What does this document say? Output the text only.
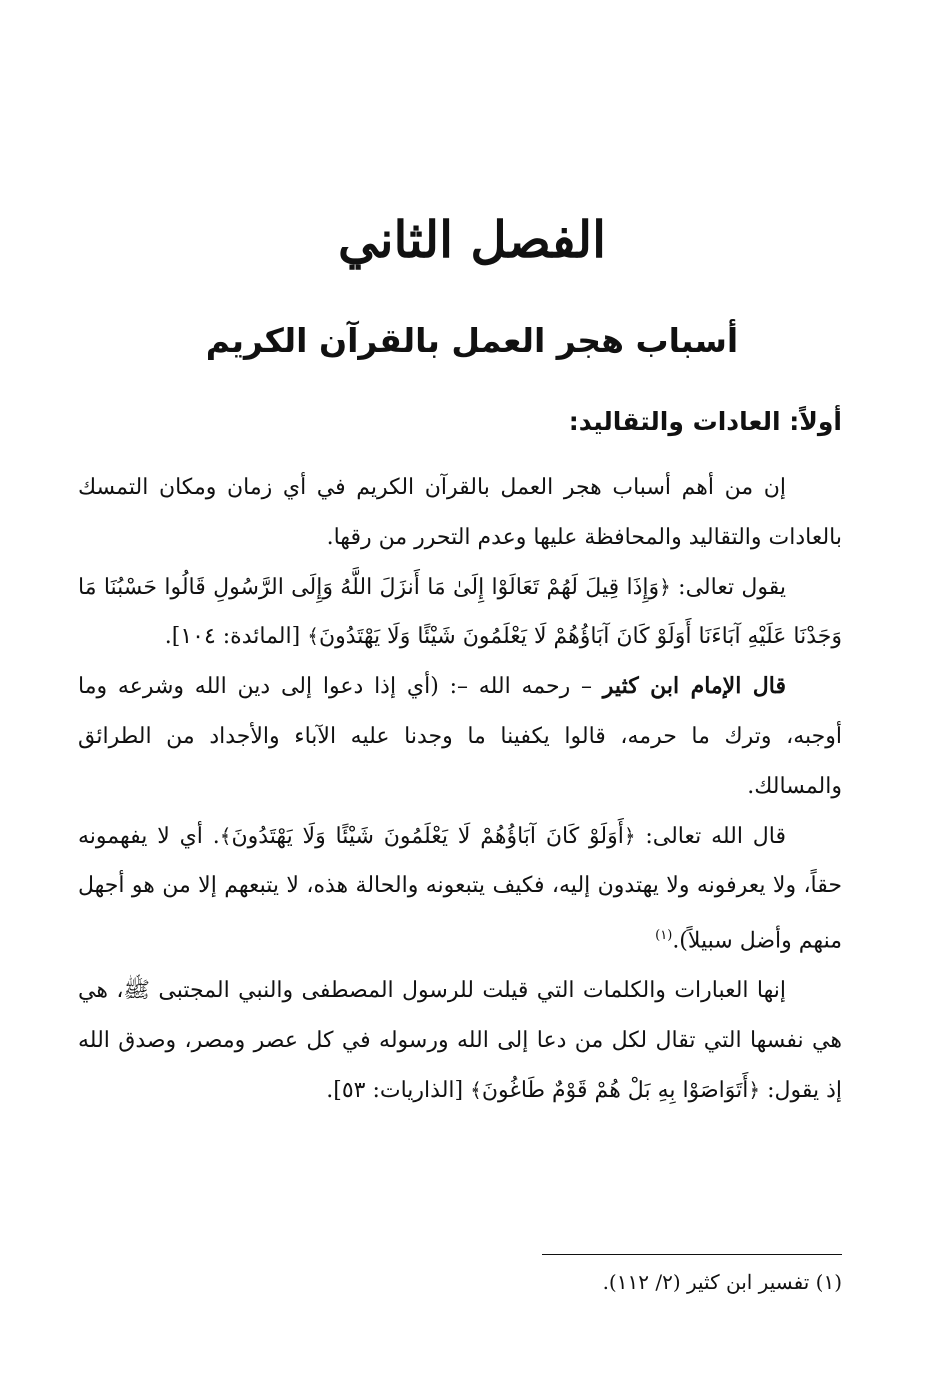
الفصل الثاني
أسباب هجر العمل بالقرآن الكريم
أولاً: العادات والتقاليد:

إن من أهم أسباب هجر العمل بالقرآن الكريم في أي زمان ومكان التمسك بالعادات والتقاليد والمحافظة عليها وعدم التحرر من رقها.

يقول تعالى: ﴿وَإِذَا قِيلَ لَهُمْ تَعَالَوْا إِلَىٰ مَا أَنزَلَ اللَّهُ وَإِلَى الرَّسُولِ قَالُوا حَسْبُنَا مَا وَجَدْنَا عَلَيْهِ آبَاءَنَا أَوَلَوْ كَانَ آبَاؤُهُمْ لَا يَعْلَمُونَ شَيْئًا وَلَا يَهْتَدُونَ﴾ [المائدة: ١٠٤].

قال الإمام ابن كثير – رحمه الله –: (أي إذا دعوا إلى دين الله وشرعه وما أوجبه، وترك ما حرمه، قالوا يكفينا ما وجدنا عليه الآباء والأجداد من الطرائق والمسالك.

قال الله تعالى: ﴿أَوَلَوْ كَانَ آبَاؤُهُمْ لَا يَعْلَمُونَ شَيْئًا وَلَا يَهْتَدُونَ﴾. أي لا يفهمونه حقاً، ولا يعرفونه ولا يهتدون إليه، فكيف يتبعونه والحالة هذه، لا يتبعهم إلا من هو أجهل منهم وأضل سبيلاً).$^{(١)}$

إنها العبارات والكلمات التي قيلت للرسول المصطفى والنبي المجتبى ﷺ، هي هي نفسها التي تقال لكل من دعا إلى الله ورسوله في كل عصر ومصر، وصدق الله إذ يقول: ﴿أَتَوَاصَوْا بِهِ بَلْ هُمْ قَوْمٌ طَاغُونَ﴾ [الذاريات: ٥٣].

(١) تفسير ابن كثير (٢/ ١١٢).
